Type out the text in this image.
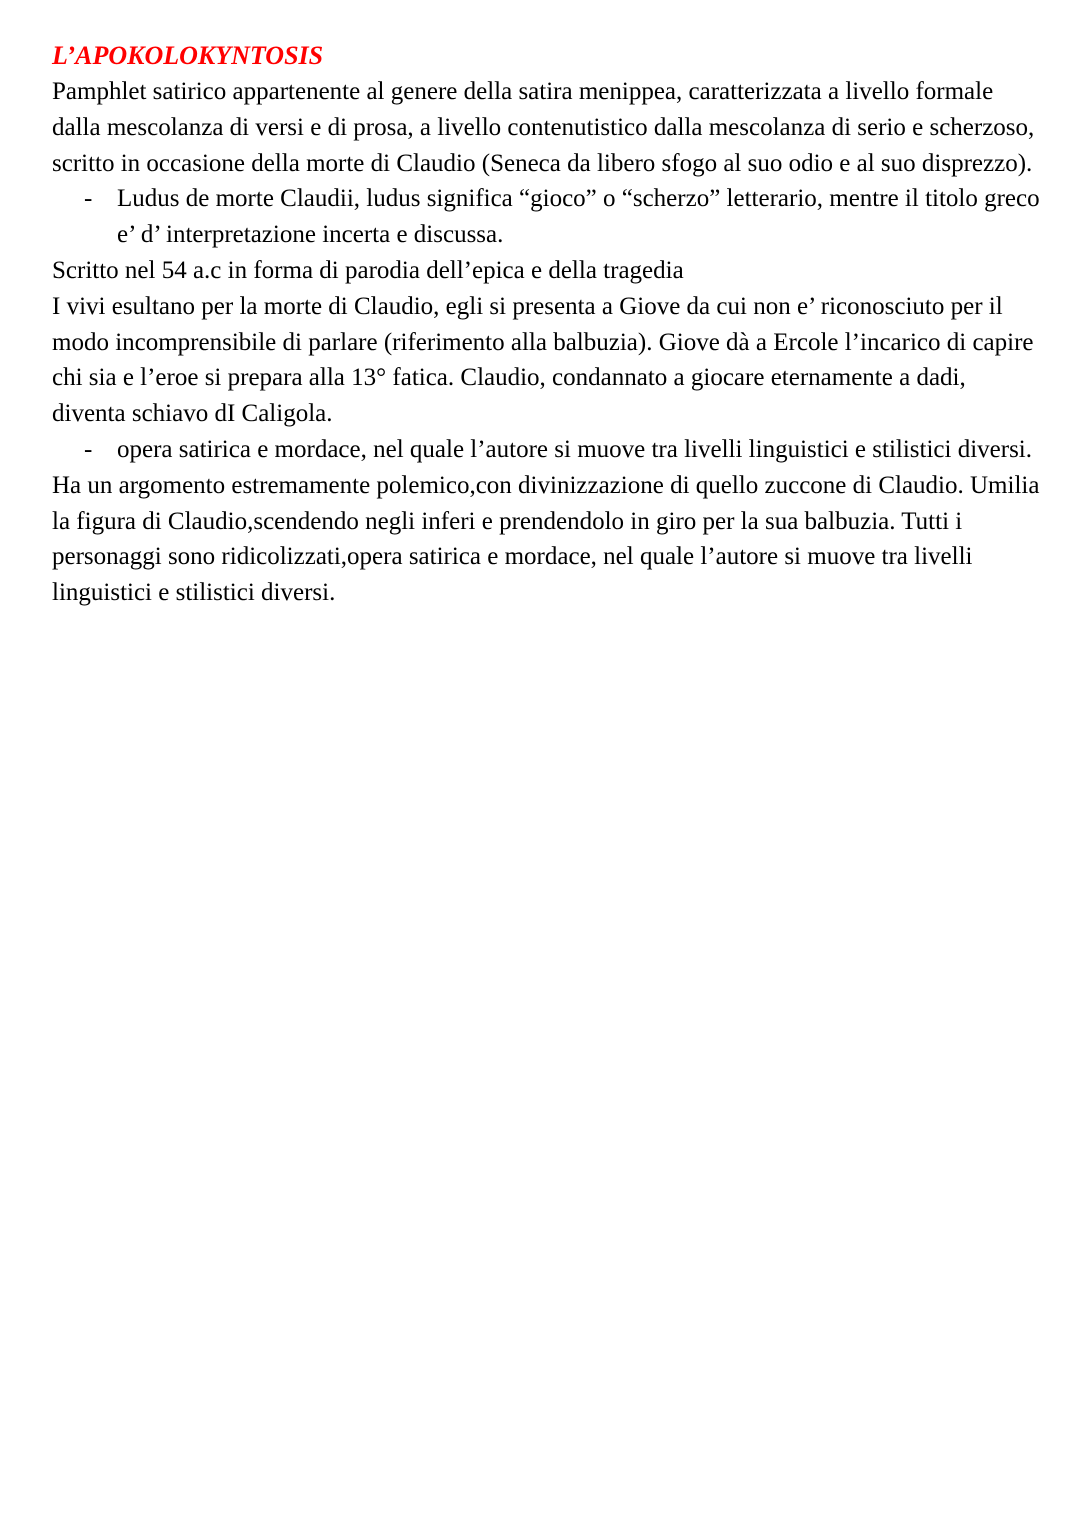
L’APOKOLOKYNTOSIS

Pamphlet satirico appartenente al genere della satira menippea, caratterizzata a livello formale dalla mescolanza di versi e di prosa, a livello contenutistico dalla mescolanza di serio e scherzoso, scritto in occasione della morte di Claudio (Seneca da libero sfogo al suo odio e al suo disprezzo).

- Ludus de morte Claudii, ludus significa “gioco” o “scherzo” letterario, mentre il titolo greco e’ d’ interpretazione incerta e discussa.

Scritto nel 54 a.c in forma di parodia dell’epica e della tragedia

I vivi esultano per la morte di Claudio, egli si presenta a Giove da cui non e’ riconosciuto per il modo incomprensibile di parlare (riferimento alla balbuzia). Giove dà a Ercole l’incarico di capire chi sia e l’eroe si prepara alla 13° fatica. Claudio, condannato a giocare eternamente a dadi, diventa schiavo dI Caligola.

- opera satirica e mordace, nel quale l’autore si muove tra livelli linguistici e stilistici diversi.

Ha un argomento estremamente polemico,con divinizzazione di quello zuccone di Claudio. Umilia la figura di Claudio,scendendo negli inferi e prendendolo in giro per la sua balbuzia. Tutti i personaggi sono ridicolizzati,opera satirica e mordace, nel quale l’autore si muove tra livelli linguistici e stilistici diversi.
